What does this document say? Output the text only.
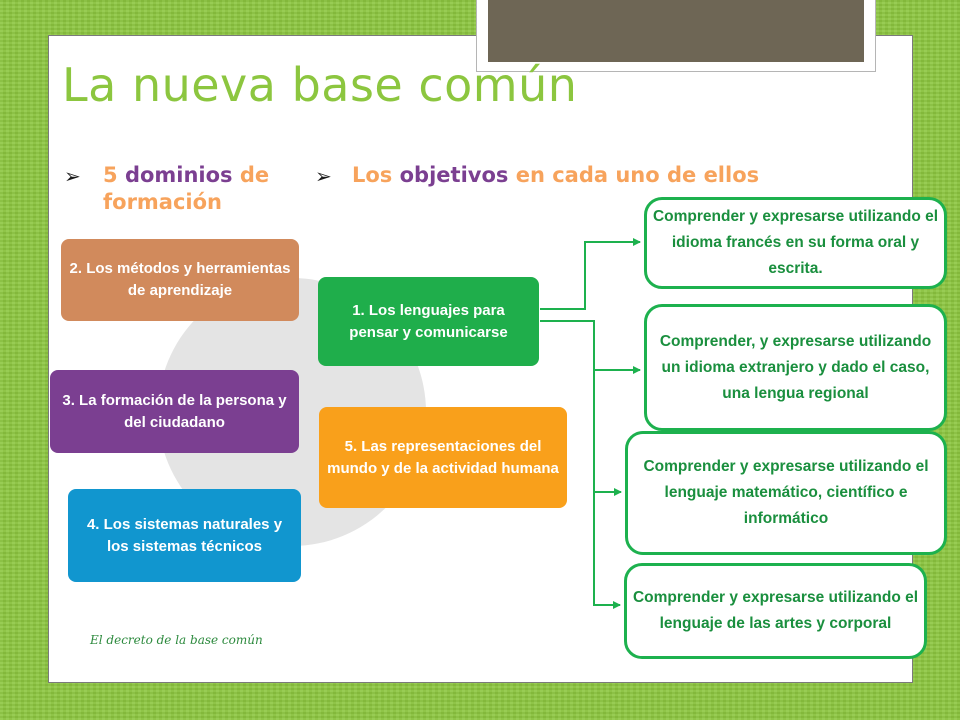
La nueva base común
➢ 5 dominios de
formación
➢ Los objetivos en cada uno de ellos
2. Los métodos y herramientas de aprendizaje
3. La formación de la persona y del ciudadano
4. Los sistemas naturales y los sistemas técnicos
1. Los lenguajes para pensar y comunicarse
5. Las representaciones del mundo y de la actividad humana
Comprender y expresarse utilizando el idioma francés en su forma oral y escrita.
Comprender, y expresarse utilizando un idioma extranjero y dado el caso, una lengua regional
Comprender y expresarse utilizando el lenguaje matemático, científico e informático
Comprender y expresarse utilizando el lenguaje de las artes y corporal

El decreto de la base común
